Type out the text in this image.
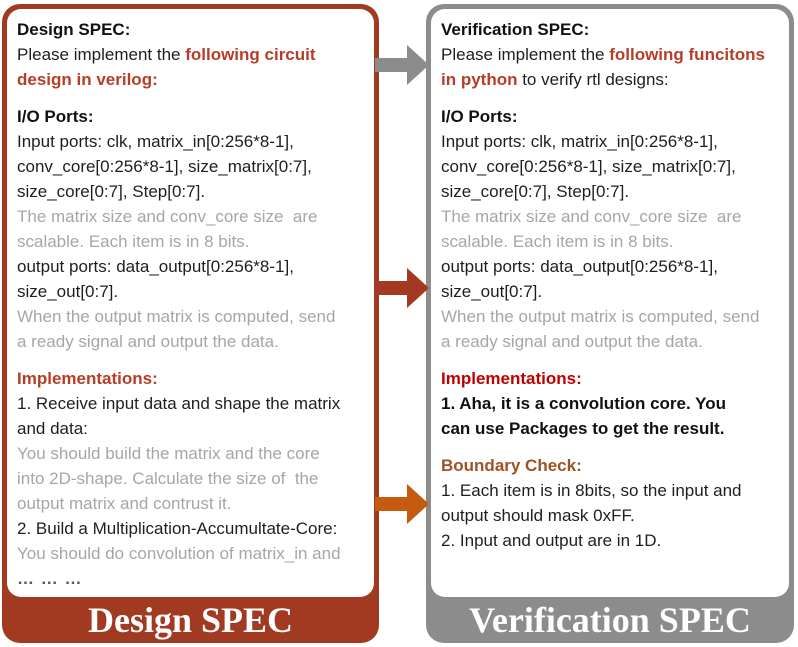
Design SPEC:
Please implement the following circuit
design in verilog:
I/O Ports:
Input ports: clk, matrix_in[0:256*8-1],
conv_core[0:256*8-1], size_matrix[0:7],
size_core[0:7], Step[0:7].
The matrix size and conv_core size  are
scalable. Each item is in 8 bits.
output ports: data_output[0:256*8-1],
size_out[0:7].
When the output matrix is computed, send
a ready signal and output the data.
Implementations:
1. Receive input data and shape the matrix
and data:
You should build the matrix and the core
into 2D-shape. Calculate the size of  the
output matrix and contrust it.
2. Build a Multiplication-Accumultate-Core:
You should do convolution of matrix_in and
… … …
Design SPEC
Verification SPEC:
Please implement the following funcitons
in python to verify rtl designs:
I/O Ports:
Input ports: clk, matrix_in[0:256*8-1],
conv_core[0:256*8-1], size_matrix[0:7],
size_core[0:7], Step[0:7].
The matrix size and conv_core size  are
scalable. Each item is in 8 bits.
output ports: data_output[0:256*8-1],
size_out[0:7].
When the output matrix is computed, send
a ready signal and output the data.
Implementations:
1. Aha, it is a convolution core. You
can use Packages to get the result.
Boundary Check:
1. Each item is in 8bits, so the input and
output should mask 0xFF.
2. Input and output are in 1D.
Verification SPEC
